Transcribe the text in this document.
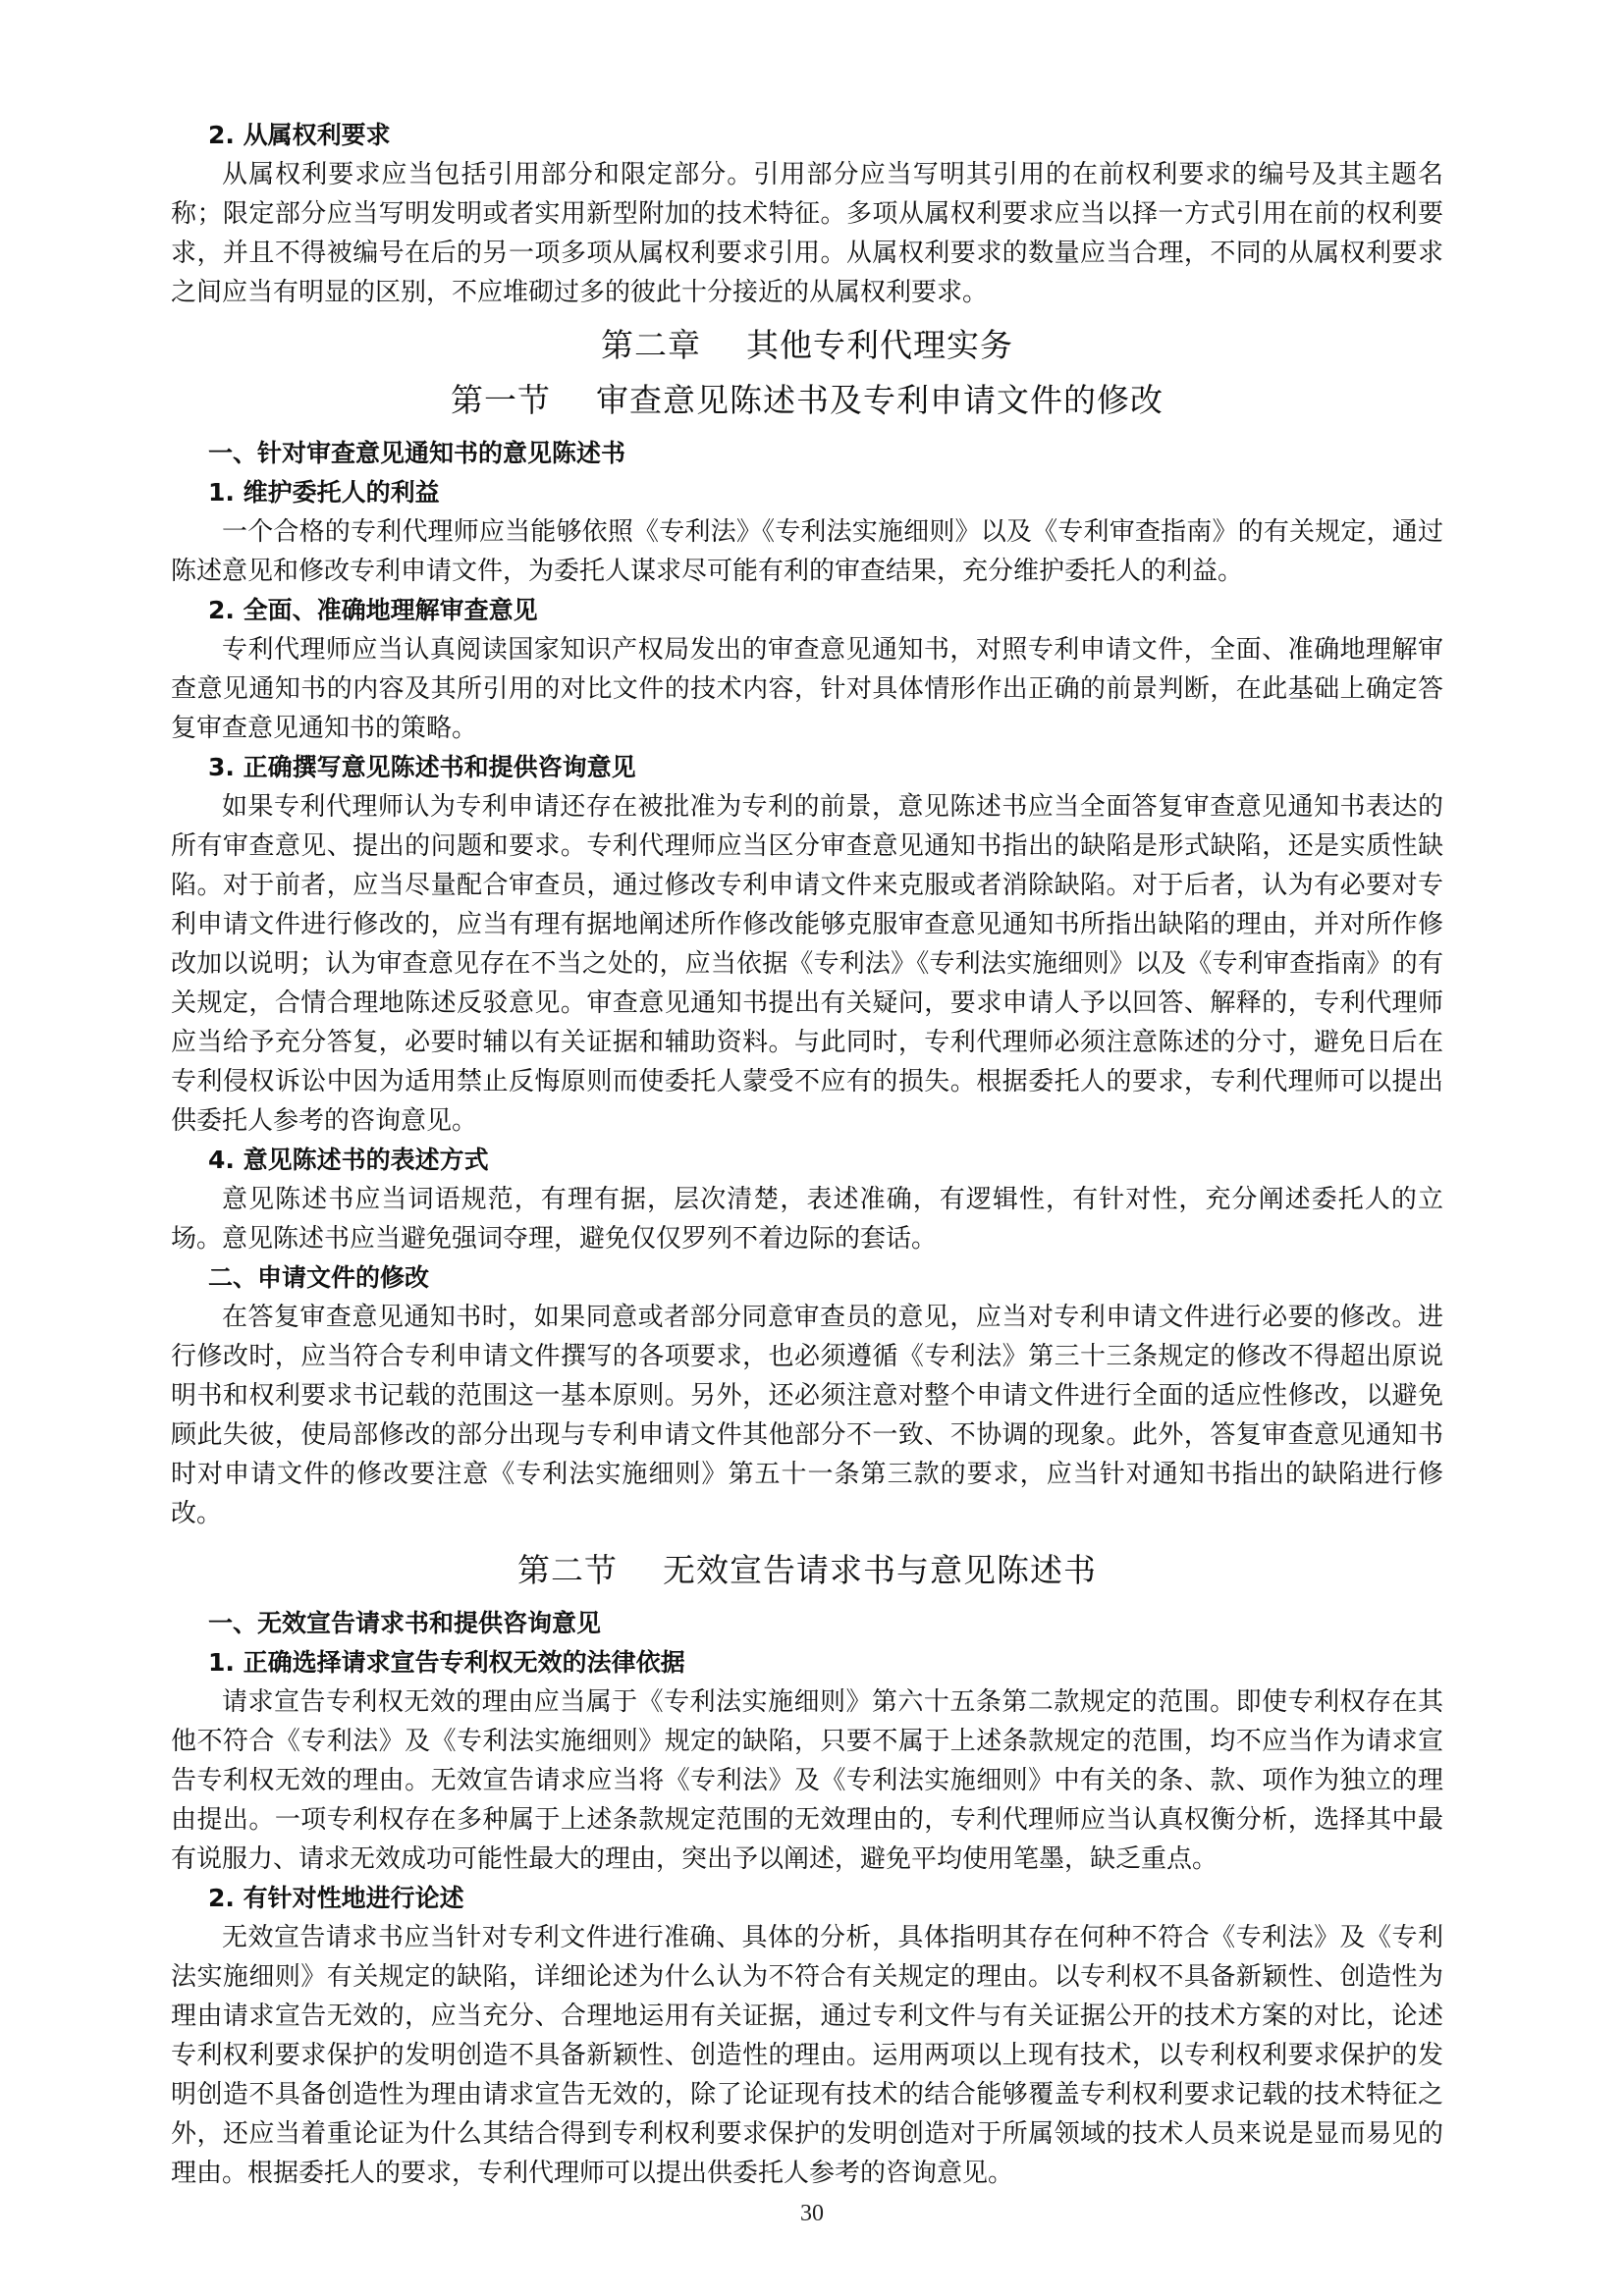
2. 从属权利要求
从属权利要求应当包括引用部分和限定部分。引用部分应当写明其引用的在前权利要求的编号及其主题名称；限定部分应当写明发明或者实用新型附加的技术特征。多项从属权利要求应当以择一方式引用在前的权利要求，并且不得被编号在后的另一项多项从属权利要求引用。从属权利要求的数量应当合理，不同的从属权利要求之间应当有明显的区别，不应堆砌过多的彼此十分接近的从属权利要求。
第二章    其他专利代理实务
第一节    审查意见陈述书及专利申请文件的修改
一、针对审查意见通知书的意见陈述书
1. 维护委托人的利益
一个合格的专利代理师应当能够依照《专利法》《专利法实施细则》以及《专利审查指南》的有关规定，通过陈述意见和修改专利申请文件，为委托人谋求尽可能有利的审查结果，充分维护委托人的利益。
2. 全面、准确地理解审查意见
专利代理师应当认真阅读国家知识产权局发出的审查意见通知书，对照专利申请文件，全面、准确地理解审查意见通知书的内容及其所引用的对比文件的技术内容，针对具体情形作出正确的前景判断，在此基础上确定答复审查意见通知书的策略。
3. 正确撰写意见陈述书和提供咨询意见
如果专利代理师认为专利申请还存在被批准为专利的前景，意见陈述书应当全面答复审查意见通知书表达的所有审查意见、提出的问题和要求。专利代理师应当区分审查意见通知书指出的缺陷是形式缺陷，还是实质性缺陷。对于前者，应当尽量配合审查员，通过修改专利申请文件来克服或者消除缺陷。对于后者，认为有必要对专利申请文件进行修改的，应当有理有据地阐述所作修改能够克服审查意见通知书所指出缺陷的理由，并对所作修改加以说明；认为审查意见存在不当之处的，应当依据《专利法》《专利法实施细则》以及《专利审查指南》的有关规定，合情合理地陈述反驳意见。审查意见通知书提出有关疑问，要求申请人予以回答、解释的，专利代理师应当给予充分答复，必要时辅以有关证据和辅助资料。与此同时，专利代理师必须注意陈述的分寸，避免日后在专利侵权诉讼中因为适用禁止反悔原则而使委托人蒙受不应有的损失。根据委托人的要求，专利代理师可以提出供委托人参考的咨询意见。
4. 意见陈述书的表述方式
意见陈述书应当词语规范，有理有据，层次清楚，表述准确，有逻辑性，有针对性，充分阐述委托人的立场。意见陈述书应当避免强词夺理，避免仅仅罗列不着边际的套话。
二、申请文件的修改
在答复审查意见通知书时，如果同意或者部分同意审查员的意见，应当对专利申请文件进行必要的修改。进行修改时，应当符合专利申请文件撰写的各项要求，也必须遵循《专利法》第三十三条规定的修改不得超出原说明书和权利要求书记载的范围这一基本原则。另外，还必须注意对整个申请文件进行全面的适应性修改，以避免顾此失彼，使局部修改的部分出现与专利申请文件其他部分不一致、不协调的现象。此外，答复审查意见通知书时对申请文件的修改要注意《专利法实施细则》第五十一条第三款的要求，应当针对通知书指出的缺陷进行修改。
第二节    无效宣告请求书与意见陈述书
一、无效宣告请求书和提供咨询意见
1. 正确选择请求宣告专利权无效的法律依据
请求宣告专利权无效的理由应当属于《专利法实施细则》第六十五条第二款规定的范围。即使专利权存在其他不符合《专利法》及《专利法实施细则》规定的缺陷，只要不属于上述条款规定的范围，均不应当作为请求宣告专利权无效的理由。无效宣告请求应当将《专利法》及《专利法实施细则》中有关的条、款、项作为独立的理由提出。一项专利权存在多种属于上述条款规定范围的无效理由的，专利代理师应当认真权衡分析，选择其中最有说服力、请求无效成功可能性最大的理由，突出予以阐述，避免平均使用笔墨，缺乏重点。
2. 有针对性地进行论述
无效宣告请求书应当针对专利文件进行准确、具体的分析，具体指明其存在何种不符合《专利法》及《专利法实施细则》有关规定的缺陷，详细论述为什么认为不符合有关规定的理由。以专利权不具备新颖性、创造性为理由请求宣告无效的，应当充分、合理地运用有关证据，通过专利文件与有关证据公开的技术方案的对比，论述专利权利要求保护的发明创造不具备新颖性、创造性的理由。运用两项以上现有技术，以专利权利要求保护的发明创造不具备创造性为理由请求宣告无效的，除了论证现有技术的结合能够覆盖专利权利要求记载的技术特征之外，还应当着重论证为什么其结合得到专利权利要求保护的发明创造对于所属领域的技术人员来说是显而易见的理由。根据委托人的要求，专利代理师可以提出供委托人参考的咨询意见。
30
